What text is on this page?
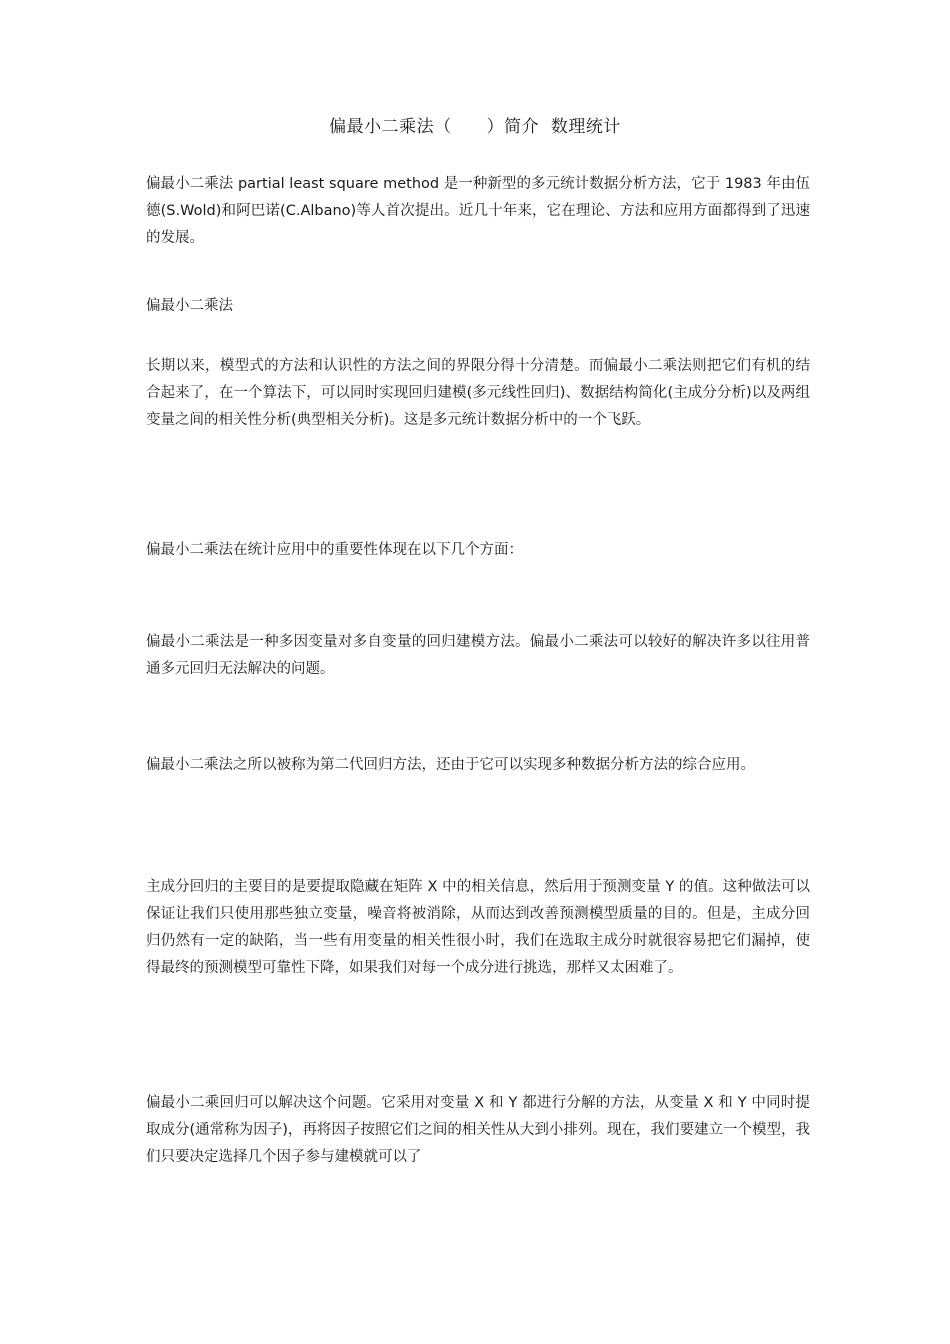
偏最小二乘法（　　）简介  数理统计

偏最小二乘法 partial least square method 是一种新型的多元统计数据分析方法，它于 1983 年由伍德(S.Wold)和阿巴诺(C.Albano)等人首次提出。近几十年来，它在理论、方法和应用方面都得到了迅速的发展。

偏最小二乘法

长期以来，模型式的方法和认识性的方法之间的界限分得十分清楚。而偏最小二乘法则把它们有机的结合起来了，在一个算法下，可以同时实现回归建模(多元线性回归)、数据结构简化(主成分分析)以及两组变量之间的相关性分析(典型相关分析)。这是多元统计数据分析中的一个飞跃。

偏最小二乘法在统计应用中的重要性体现在以下几个方面：

偏最小二乘法是一种多因变量对多自变量的回归建模方法。偏最小二乘法可以较好的解决许多以往用普通多元回归无法解决的问题。

偏最小二乘法之所以被称为第二代回归方法，还由于它可以实现多种数据分析方法的综合应用。

主成分回归的主要目的是要提取隐藏在矩阵 X 中的相关信息，然后用于预测变量 Y 的值。这种做法可以保证让我们只使用那些独立变量，噪音将被消除，从而达到改善预测模型质量的目的。但是，主成分回归仍然有一定的缺陷，当一些有用变量的相关性很小时，我们在选取主成分时就很容易把它们漏掉，使得最终的预测模型可靠性下降，如果我们对每一个成分进行挑选，那样又太困难了。

偏最小二乘回归可以解决这个问题。它采用对变量 X 和 Y 都进行分解的方法，从变量 X 和 Y 中同时提取成分(通常称为因子)，再将因子按照它们之间的相关性从大到小排列。现在，我们要建立一个模型，我们只要决定选择几个因子参与建模就可以了
